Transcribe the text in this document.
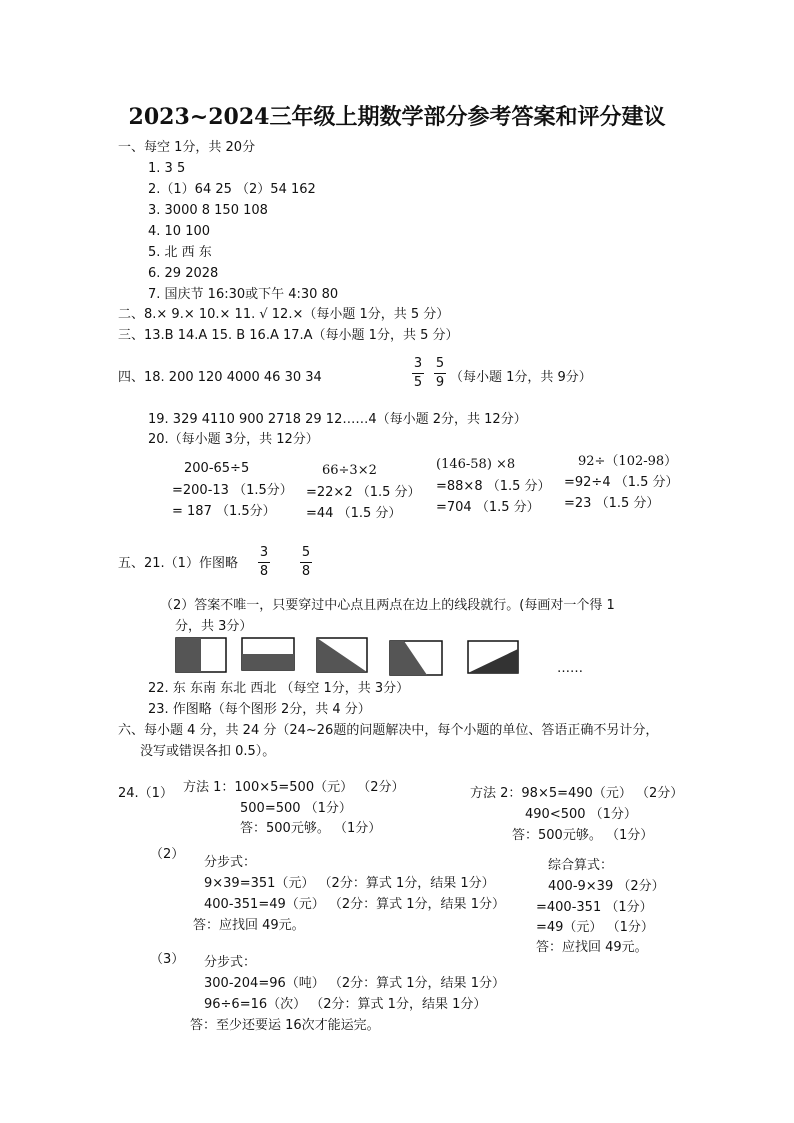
2023~2024三年级上期数学部分参考答案和评分建议
一、每空 1分，共 20分
1. 3 5
2.（1）64 25 （2）54 162
3. 3000 8 150 108
4. 10 100
5. 北 西 东
6. 29 2028
7. 国庆节 16:30或下午 4:30 80
二、8.× 9.× 10.× 11. √ 12.×（每小题 1分，共 5 分）
三、13.B 14.A 15. B 16.A 17.A（每小题 1分，共 5 分）
四、18. 200 120 4000 46 30 34
3
5
5
9 （每小题 1分，共 9分）
19. 329 4110 900 2718 29 12……4（每小题 2分，共 12分）
20.（每小题 3分，共 12分）
200-65÷5
=200-13 （1.5分）
= 187 （1.5分）
66÷3×2
=22×2 （1.5 分）
=44 （1.5 分）
(146-58) ×8
=88×8 （1.5 分）
=704 （1.5 分）
92÷（102-98）
=92÷4 （1.5 分）
=23 （1.5 分）
五、21.（1）作图略
3
8
5
8
（2）答案不唯一，只要穿过中心点且两点在边上的线段就行。(每画对一个得 1
分，共 3分）
……
22. 东 东南 东北 西北 （每空 1分，共 3分）
23. 作图略（每个图形 2分，共 4 分）
六、每小题 4 分，共 24 分（24~26题的问题解决中，每个小题的单位、答语正确不另计分，
没写或错误各扣 0.5）。
24.（1） 方法 1：100×5=500（元） （2分）
500=500 （1分）
答：500元够。 （1分）
方法 2：98×5=490（元） （2分）
490<500 （1分）
答：500元够。 （1分）
（2）
分步式：
9×39=351（元） （2分：算式 1分，结果 1分）
400-351=49（元） （2分：算式 1分，结果 1分）
答：应找回 49元。
综合算式：
400-9×39 （2分）
=400-351 （1分）
=49（元） （1分）
答：应找回 49元。
（3） 分步式：
300-204=96（吨） （2分：算式 1分，结果 1分）
96÷6=16（次） （2分：算式 1分，结果 1分）
答：至少还要运 16次才能运完。
